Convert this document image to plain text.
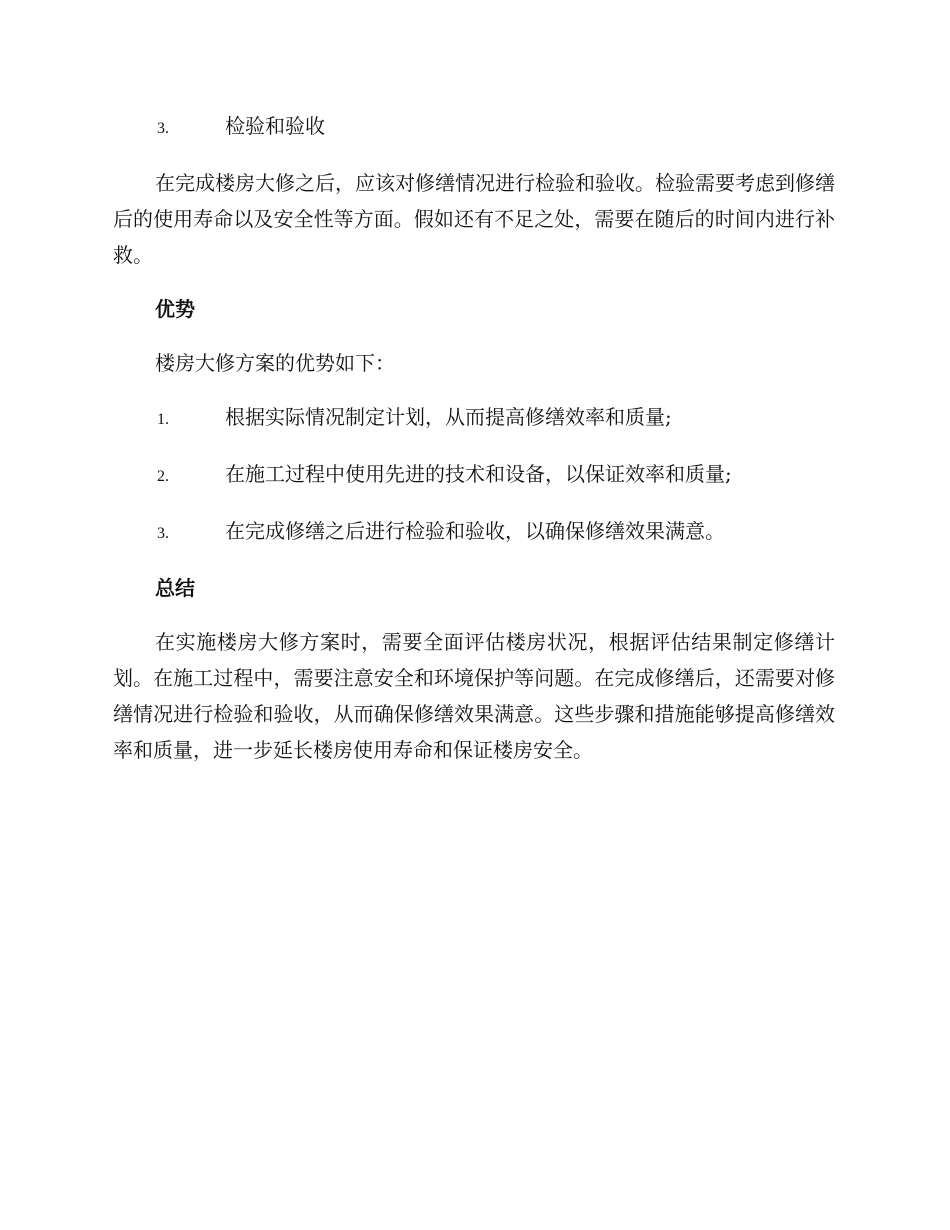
3.	检验和验收

在完成楼房大修之后，应该对修缮情况进行检验和验收。检验需要考虑到修缮后的使用寿命以及安全性等方面。假如还有不足之处，需要在随后的时间内进行补救。

优势
楼房大修方案的优势如下：
1.	根据实际情况制定计划，从而提高修缮效率和质量;
2.	在施工过程中使用先进的技术和设备，以保证效率和质量;
3.	在完成修缮之后进行检验和验收，以确保修缮效果满意。
总结

在实施楼房大修方案时，需要全面评估楼房状况，根据评估结果制定修缮计划。在施工过程中，需要注意安全和环境保护等问题。在完成修缮后，还需要对修缮情况进行检验和验收，从而确保修缮效果满意。这些步骤和措施能够提高修缮效率和质量，进一步延长楼房使用寿命和保证楼房安全。
